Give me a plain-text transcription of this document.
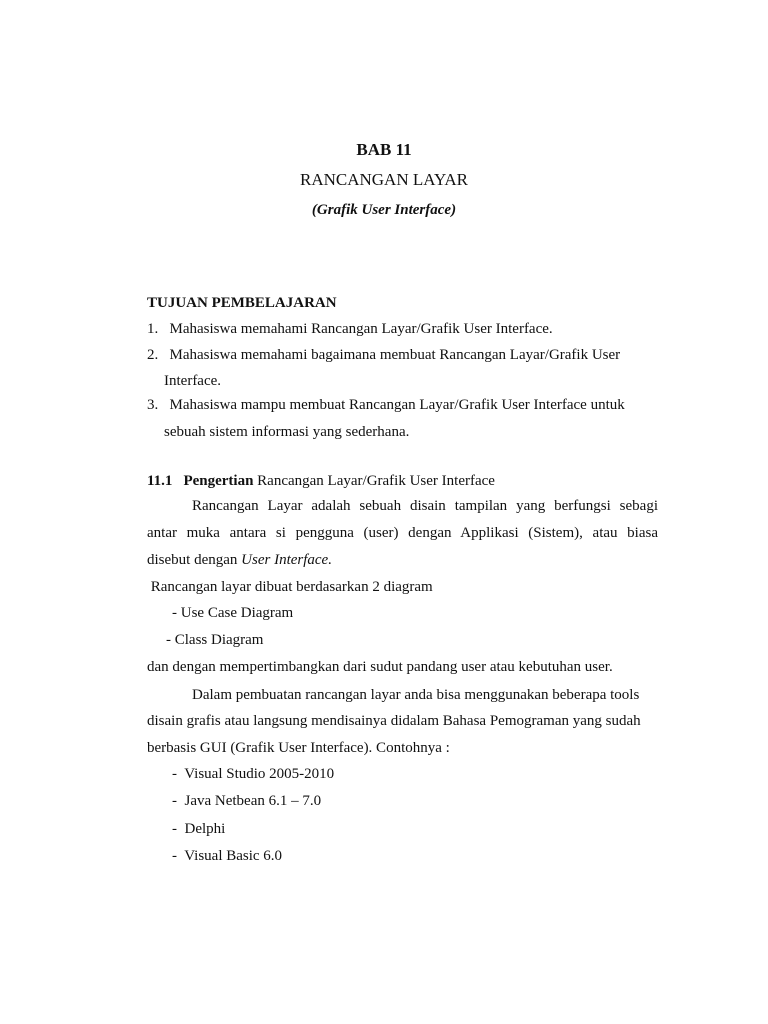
BAB 11
RANCANGAN LAYAR
(Grafik User Interface)
TUJUAN PEMBELAJARAN
1.   Mahasiswa memahami Rancangan Layar/Grafik User Interface.
2.   Mahasiswa memahami bagaimana membuat Rancangan Layar/Grafik User
Interface.
3.   Mahasiswa mampu membuat Rancangan Layar/Grafik User Interface untuk
sebuah sistem informasi yang sederhana.
11.1 Pengertian Rancangan Layar/Grafik User Interface
Rancangan Layar adalah sebuah disain tampilan yang berfungsi sebagi
antar muka antara si pengguna (user) dengan Applikasi (Sistem), atau biasa
disebut dengan User Interface.
Rancangan layar dibuat berdasarkan 2 diagram
- Use Case Diagram
- Class Diagram
dan dengan mempertimbangkan dari sudut pandang user atau kebutuhan user.
Dalam pembuatan rancangan layar anda bisa menggunakan beberapa tools
disain grafis atau langsung mendisainya didalam Bahasa Pemograman yang sudah
berbasis GUI (Grafik User Interface). Contohnya :
-  Visual Studio 2005-2010
-  Java Netbean 6.1 – 7.0
-  Delphi
-  Visual Basic 6.0
